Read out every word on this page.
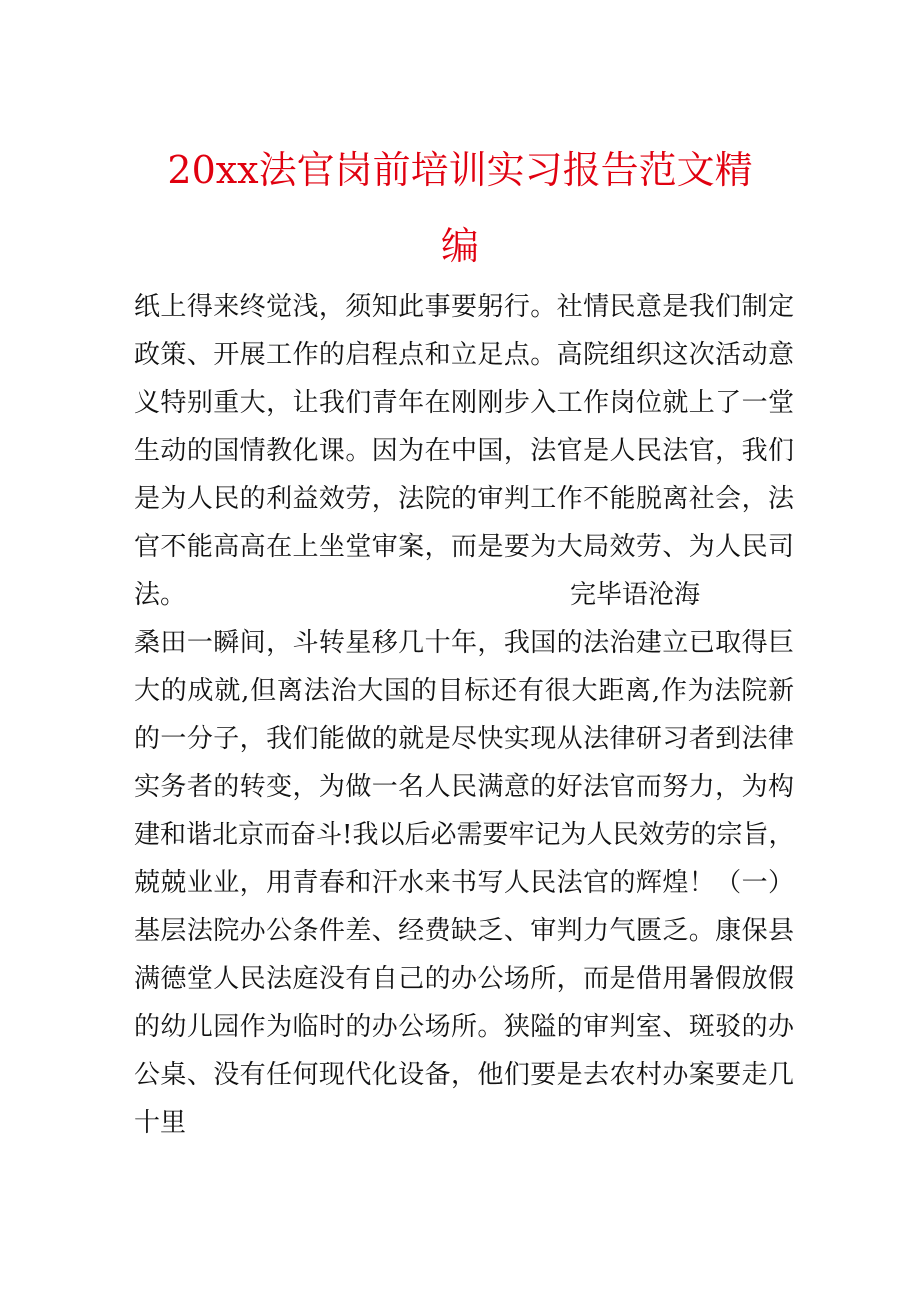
20xx法官岗前培训实习报告范文精
编
纸上得来终觉浅，须知此事要躬行。社情民意是我们制定
政策、开展工作的启程点和立足点。高院组织这次活动意
义特别重大，让我们青年在刚刚步入工作岗位就上了一堂
生动的国情教化课。因为在中国，法官是人民法官，我们
是为人民的利益效劳，法院的审判工作不能脱离社会，法
官不能高高在上坐堂审案，而是要为大局效劳、为人民司
法。	完毕语沧海
桑田一瞬间，斗转星移几十年，我国的法治建立已取得巨
大的成就,但离法治大国的目标还有很大距离,作为法院新
的一分子，我们能做的就是尽快实现从法律研习者到法律
实务者的转变，为做一名人民满意的好法官而努力，为构
建和谐北京而奋斗!我以后必需要牢记为人民效劳的宗旨，
兢兢业业，用青春和汗水来书写人民法官的辉煌！（一）
基层法院办公条件差、经费缺乏、审判力气匮乏。康保县
满德堂人民法庭没有自己的办公场所，而是借用暑假放假
的幼儿园作为临时的办公场所。狭隘的审判室、斑驳的办
公桌、没有任何现代化设备，他们要是去农村办案要走几
十里
